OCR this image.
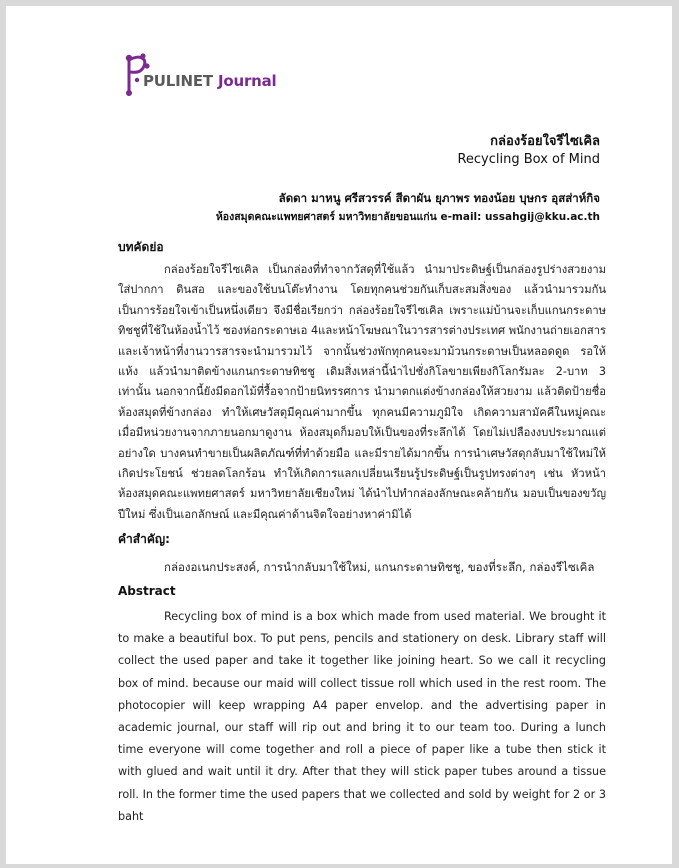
PULINET Journal
กล่องร้อยใจรีไซเคิล
Recycling Box of Mind
ลัดดา มาหนู ศรีสวรรค์ สีดาผัน ยุภาพร ทองน้อย บุษกร อุสส่าห์กิจ
ห้องสมุดคณะแพทยศาสตร์ มหาวิทยาลัยขอนแก่น e-mail: ussahgij@kku.ac.th
บทคัดย่อ

กล่องร้อยใจรีไซเคิล เป็นกล่องที่ทำจากวัสดุที่ใช้แล้ว นำมาประดิษฐ์เป็นกล่องรูปร่างสวยงาม ใส่ปากกา ดินสอ และของใช้บนโต๊ะทำงาน โดยทุกคนช่วยกันเก็บสะสมสิ่งของ แล้วนำมารวมกัน เป็นการร้อยใจเข้าเป็นหนึ่งเดียว จึงมีชื่อเรียกว่า กล่องร้อยใจรีไซเคิล เพราะแม่บ้านจะเก็บแกนกระดาษทิชชูที่ใช้ในห้องน้ำไว้ ซองห่อกระดาษเอ 4และหน้าโฆษณาในวารสารต่างประเทศ พนักงานถ่ายเอกสารและเจ้าหน้าที่งานวารสารจะนำมารวมไว้ จากนั้นช่วงพักทุกคนจะมาม้วนกระดาษเป็นหลอดดูด รอให้แห้ง แล้วนำมาติดข้างแกนกระดาษทิชชู เดิมสิ่งเหล่านี้นำไปชั่งกิโลขายเพียงกิโลกรัมละ 2-บาท 3 เท่านั้น นอกจากนี้ยังมีดอกไม้ที่รื้อจากป้ายนิทรรศการ นำมาตกแต่งข้างกล่องให้สวยงาม แล้วติดป้ายชื่อห้องสมุดที่ข้างกล่อง ทำให้เศษวัสดุมีคุณค่ามากขึ้น ทุกคนมีความภูมิใจ เกิดความสามัคคีในหมู่คณะ เมื่อมีหน่วยงานจากภายนอกมาดูงาน ห้องสมุดก็มอบให้เป็นของที่ระลึกได้ โดยไม่เปลืองงบประมาณแต่อย่างใด บางคนทำขายเป็นผลิตภัณฑ์ที่ทำด้วยมือ และมีรายได้มากขึ้น การนำเศษวัสดุกลับมาใช้ใหม่ให้เกิดประโยชน์ ช่วยลดโลกร้อน ทำให้เกิดการแลกเปลี่ยนเรียนรู้ประดิษฐ์เป็นรูปทรงต่างๆ เช่น หัวหน้าห้องสมุดคณะแพทยศาสตร์ มหาวิทยาลัยเชียงใหม่ ได้นำไปทำกล่องลักษณะคล้ายกัน มอบเป็นของขวัญปีใหม่ ซึ่งเป็นเอกลักษณ์ และมีคุณค่าด้านจิตใจอย่างหาค่ามิได้

คำสำคัญ:
กล่องอเนกประสงค์, การนำกลับมาใช้ใหม่, แกนกระดาษทิชชู, ของที่ระลึก, กล่องรีไซเคิล
Abstract

Recycling box of mind is a box which made from used material. We brought it to make a beautiful box. To put pens, pencils and stationery on desk. Library staff will collect the used paper and take it together like joining heart. So we call it recycling box of mind. because our maid will collect tissue roll which used in the rest room. The photocopier will keep wrapping A4 paper envelop. and the advertising paper in academic journal, our staff will rip out and bring it to our team too. During a lunch time everyone will come together and roll a piece of paper like a tube then stick it with glued and wait until it dry. After that they will stick paper tubes around a tissue roll. In the former time the used papers that we collected and sold by weight for 2 or 3 baht
